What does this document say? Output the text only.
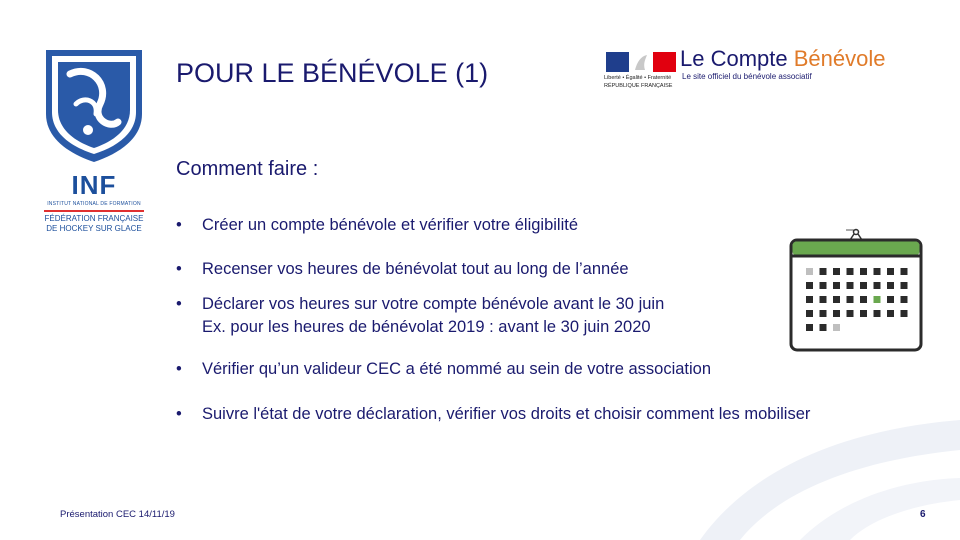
INF
INSTITUT NATIONAL DE FORMATION
FÉDÉRATION FRANÇAISE
DE HOCKEY SUR GLACE
POUR LE BÉNÉVOLE (1)	Liberté • Égalité • Fraternité
RÉPUBLIQUE FRANÇAISE
Le Compte Bénévole
Le site officiel du bénévole associatif
Comment faire :
•	Créer un compte bénévole et vérifier votre éligibilité
•	Recenser vos heures de bénévolat tout au long de l’année
•	Déclarer vos heures sur votre compte bénévole avant le 30 juin
Ex. pour les heures de bénévolat 2019 : avant le 30 juin 2020
•	Vérifier qu’un valideur CEC a été nommé au sein de votre association
•	Suivre l'état de votre déclaration, vérifier vos droits et choisir comment les mobiliser
Présentation CEC 14/11/19	6
